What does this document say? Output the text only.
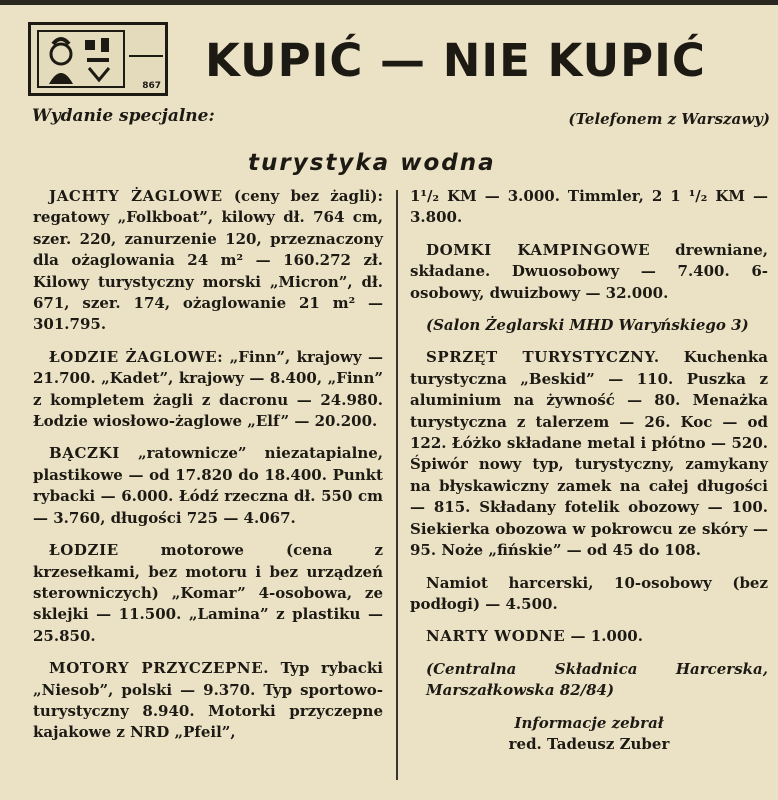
867 KUPIĆ — NIE KUPIĆ
Wydanie specjalne:	(Telefonem z Warszawy)
turystyka wodna

JACHTY ŻAGLOWE (ceny bez żagli): regatowy „Folkboat”, kilowy dł. 764 cm, szer. 220, zanurzenie 120, przeznaczony dla ożaglowania 24 m² — 160.272 zł. Kilowy turystyczny morski „Micron”, dł. 671, szer. 174, ożaglowanie 21 m² — 301.795.

ŁODZIE ŻAGLOWE: „Finn”, krajowy — 21.700. „Kadet”, krajowy — 8.400, „Finn” z kompletem żagli z dacronu — 24.980. Łodzie wiosłowo-żaglowe „Elf” — 20.200.

BĄCZKI „ratownicze” niezatapialne, plastikowe — od 17.820 do 18.400. Punkt rybacki — 6.000. Łódź rzeczna dł. 550 cm — 3.760, długości 725 — 4.067.

ŁODZIE motorowe (cena z krzesełkami, bez motoru i bez urządzeń sterowniczych) „Komar” 4-osobowa, ze sklejki — 11.500. „Lamina” z plastiku — 25.850.

MOTORY PRZYCZEPNE. Typ rybacki „Niesob”, polski — 9.370. Typ sportowo-turystyczny 8.940. Motorki przyczepne kajakowe z NRD „Pfeil”,

1¹/₂ KM — 3.000. Timmler, 2 1 ¹/₂ KM — 3.800.

DOMKI KAMPINGOWE drewniane, składane. Dwuosobowy — 7.400. 6-osobowy, dwuizbowy — 32.000.

(Salon Żeglarski MHD Waryńskiego 3)

SPRZĘT TURYSTYCZNY. Kuchenka turystyczna „Beskid” — 110. Puszka z aluminium na żywność — 80. Menażka turystyczna z talerzem — 26. Koc — od 122. Łóżko składane metal i płótno — 520. Śpiwór nowy typ, turystyczny, zamykany na błyskawiczny zamek na całej długości — 815. Składany fotelik obozowy — 100. Siekierka obozowa w pokrowcu ze skóry — 95. Noże „fińskie” — od 45 do 108.

Namiot harcerski, 10-osobowy (bez podłogi) — 4.500.

NARTY WODNE — 1.000.

(Centralna Składnica Harcerska, Marszałkowska 82/84)

Informacje zebrał
red. Tadeusz Zuber
